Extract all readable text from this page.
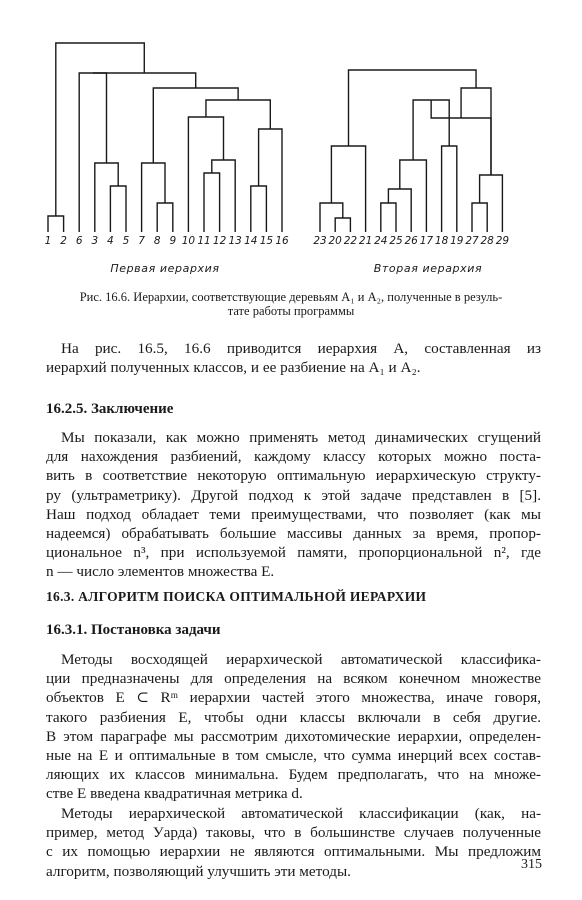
1 2 6 3 4 5 7 8 9 10 11 12 13 14 15 16
Первая иерархия
23 20 22 21 24 25 26 17 18 19 27 28 29
Вторая иерархия
Рис. 16.6. Иерархии, соответствующие деревьям A₁ и A₂, полученные в резуль-
тате работы программы
На рис. 16.5, 16.6 приводится иерархия A, составленная из
иерархий полученных классов, и ее разбиение на A₁ и A₂.
16.2.5. Заключение
Мы показали, как можно применять метод динамических сгущений
для нахождения разбиений, каждому классу которых можно поста-
вить в соответствие некоторую оптимальную иерархическую структу-
ру (ультраметрику). Другой подход к этой задаче представлен в [5].
Наш подход обладает теми преимуществами, что позволяет (как мы
надеемся) обрабатывать большие массивы данных за время, пропор-
циональное n³, при используемой памяти, пропорциональной n², где
n — число элементов множества E.
16.3. АЛГОРИТМ ПОИСКА ОПТИМАЛЬНОЙ ИЕРАРХИИ
16.3.1. Постановка задачи
Методы восходящей иерархической автоматической классифика-
ции предназначены для определения на всяком конечном множестве
объектов E ⊂ Rᵐ иерархии частей этого множества, иначе говоря,
такого разбиения E, чтобы одни классы включали в себя другие.
В этом параграфе мы рассмотрим дихотомические иерархии, определен-
ные на E и оптимальные в том смысле, что сумма инерций всех состав-
ляющих их классов минимальна. Будем предполагать, что на множе-
стве E введена квадратичная метрика d.
Методы иерархической автоматической классификации (как, на-
пример, метод Уарда) таковы, что в большинстве случаев полученные
с их помощью иерархии не являются оптимальными. Мы предложим
алгоритм, позволяющий улучшить эти методы.	315
